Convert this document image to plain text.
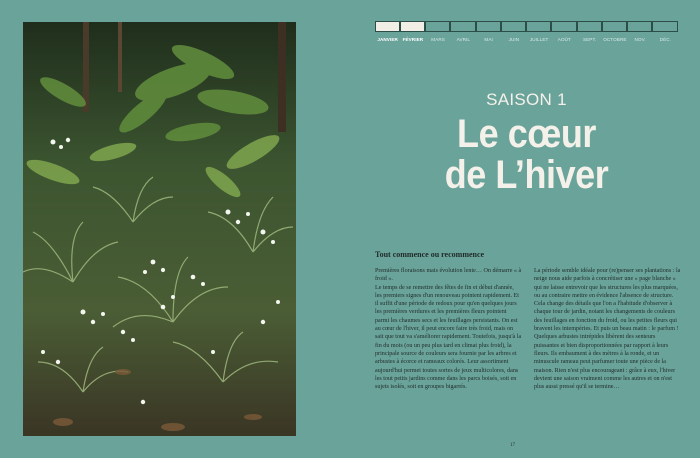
JANVIER FÉVRIER MARS	AVRIL	MAI	JUIN JUILLET AOÛT	SEPT. OCTOBRE NOV.	DÉC.
SAISON 1
Le cœur
de L’hiver
Tout commence ou recommence

Premières floraisons mais évolution lente… On démarre « à froid ».

Le temps de se remettre des fêtes de fin et début d'année, les premiers signes d'un renouveau pointent rapidement. Et il suffit d'une période de redoux pour qu'en quelques jours les premières verdures et les premières fleurs pointent parmi les chaumes secs et les feuillages persistants. On est au cœur de l'hiver, il peut encore faire très froid, mais on sait que tout va s'améliorer rapidement. Toutefois, jusqu'à la fin du mois (ou un peu plus tard en climat plus froid), la principale source de couleurs sera fournie par les arbres et arbustes à écorce et rameaux colorés. Leur assortiment aujourd'hui permet toutes sortes de jeux multicolores, dans les tout petits jardins comme dans les parcs boisés, soit en sujets isolés, soit en groupes bigarrés.

La période semble idéale pour (re)penser ses plantations : la neige nous aide parfois à concrétiser une « page blanche » qui ne laisse entrevoir que les structures les plus marquées, ou au contraire mettre en évidence l'absence de structure. Cela change des détails que l'on a l'habitude d'observer à chaque tour de jardin, notant les changements de couleurs des feuillages en fonction du froid, ou les petites fleurs qui bravent les intempéries. Et puis un beau matin : le parfum ! Quelques arbustes intrépides libèrent des senteurs puissantes et bien disproportionnées par rapport à leurs fleurs. Ils embaument à des mètres à la ronde, et un minuscule rameau peut parfumer toute une pièce de la maison. Rien n'est plus encourageant : grâce à eux, l'hiver devient une saison vraiment comme les autres et on n'est plus aussi pressé qu'il se termine…

17
